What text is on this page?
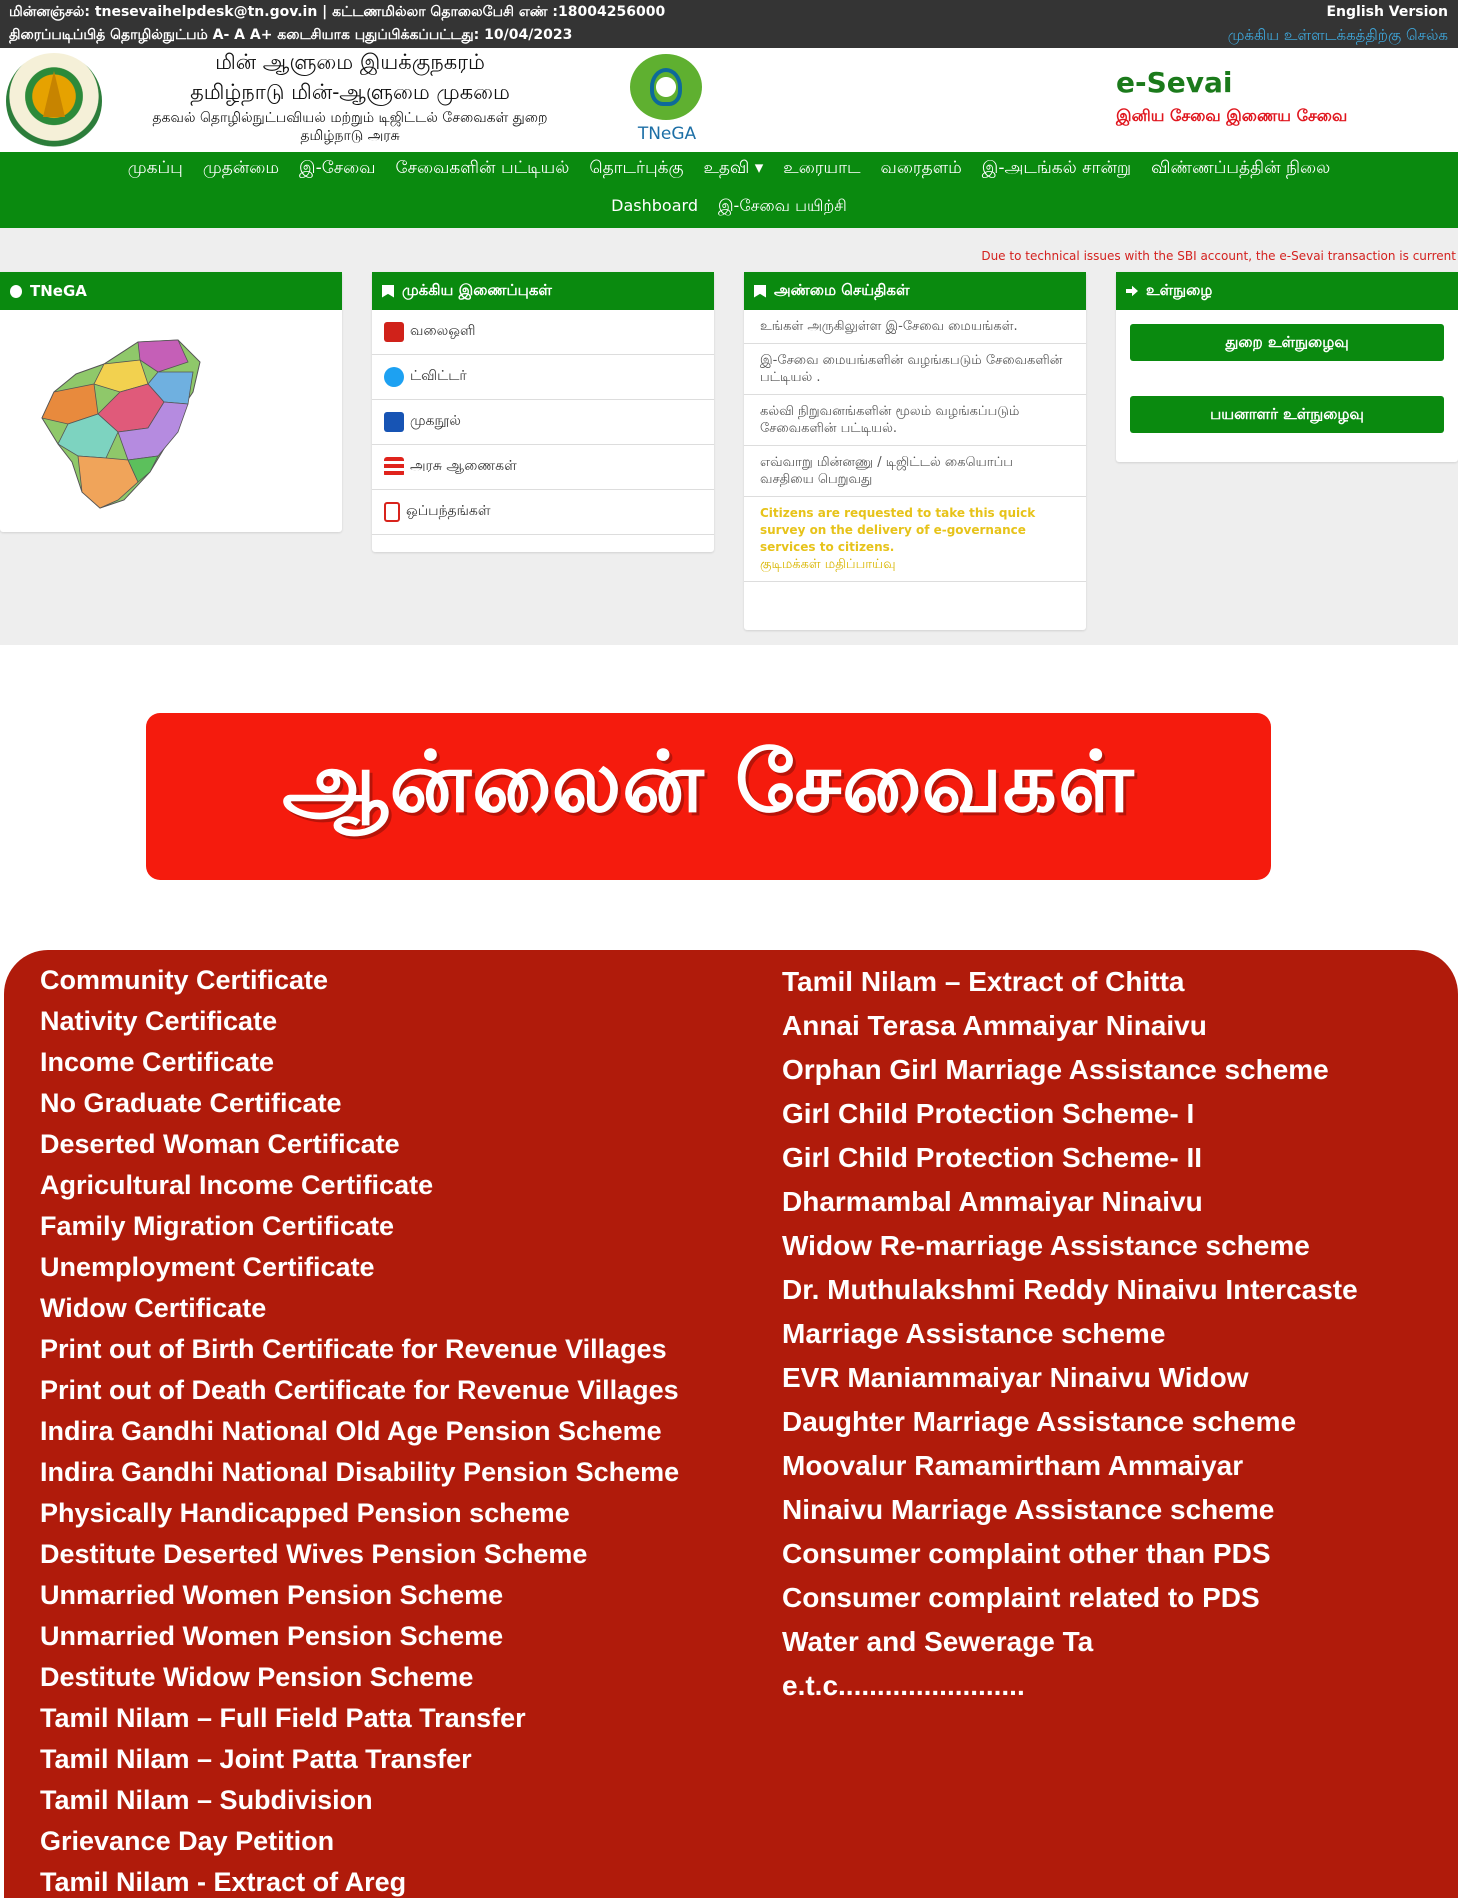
மின்னஞ்சல்: tnesevaihelpdesk@tn.gov.in | கட்டணமில்லா தொலைபேசி எண் :18004256000
திரைப்படிப்பித் தொழில்நுட்பம் A- A A+ கடைசியாக புதுப்பிக்கப்பட்டது: 10/04/2023
English Version
முக்கிய உள்ளடக்கத்திற்கு செல்க
மின் ஆளுமை இயக்குநகரம்
தமிழ்நாடு மின்-ஆளுமை முகமை
தகவல் தொழில்நுட்பவியல் மற்றும் டிஜிட்டல் சேவைகள் துறை
தமிழ்நாடு அரசு	TNeGA
e-Sevai
இனிய சேவை இணைய சேவை
முகப்பு	முதன்மை	இ-சேவை	சேவைகளின் பட்டியல்	தொடர்புக்கு	உதவி ▾	உரையாட	வரைதளம்	இ-அடங்கல் சான்று	விண்ணப்பத்தின் நிலை
Dashboard	இ-சேவை பயிற்சி
Due to technical issues with the SBI account, the e-Sevai transaction is current
TNeGA	முக்கிய இணைப்புகள்
வலைஒளி
ட்விட்டர்
முகநூல்
அரசு ஆணைகள்
ஒப்பந்தங்கள்
அண்மை செய்திகள்
உங்கள் அருகிலுள்ள இ-சேவை மையங்கள்.
இ-சேவை மையங்களின் வழங்கபடும் சேவைகளின் பட்டியல் .
கல்வி நிறுவனங்களின் மூலம் வழங்கப்படும் சேவைகளின் பட்டியல்.
எவ்வாறு மின்னணு / டிஜிட்டல் கையொப்ப வசதியை பெறுவது
Citizens are requested to take this quick survey on the delivery of e-governance services to citizens.
குடிமக்கள் மதிப்பாய்வு
உள்நுழை
துறை உள்நுழைவு
பயனாளர் உள்நுழைவு
ஆன்லைன் சேவைகள்
Community Certificate
Nativity Certificate
Income Certificate
No Graduate Certificate
Deserted Woman Certificate
Agricultural Income Certificate
Family Migration Certificate
Unemployment Certificate
Widow Certificate
Print out of Birth Certificate for Revenue Villages
Print out of Death Certificate for Revenue Villages
Indira Gandhi National Old Age Pension Scheme
Indira Gandhi National Disability Pension Scheme
Physically Handicapped Pension scheme
Destitute Deserted Wives Pension Scheme
Unmarried Women Pension Scheme
Unmarried Women Pension Scheme
Destitute Widow Pension Scheme
Tamil Nilam – Full Field Patta Transfer
Tamil Nilam – Joint Patta Transfer
Tamil Nilam – Subdivision
Grievance Day Petition
Tamil Nilam - Extract of Areg
Tamil Nilam – Extract of Chitta
Annai Terasa Ammaiyar Ninaivu
Orphan Girl Marriage Assistance scheme
Girl Child Protection Scheme- I
Girl Child Protection Scheme- II
Dharmambal Ammaiyar Ninaivu
Widow Re-marriage Assistance scheme
Dr. Muthulakshmi Reddy Ninaivu Intercaste
Marriage Assistance scheme
EVR Maniammaiyar Ninaivu Widow
Daughter Marriage Assistance scheme
Moovalur Ramamirtham Ammaiyar
Ninaivu Marriage Assistance scheme
Consumer complaint other than PDS
Consumer complaint related to PDS
Water and Sewerage Ta
e.t.c........................
